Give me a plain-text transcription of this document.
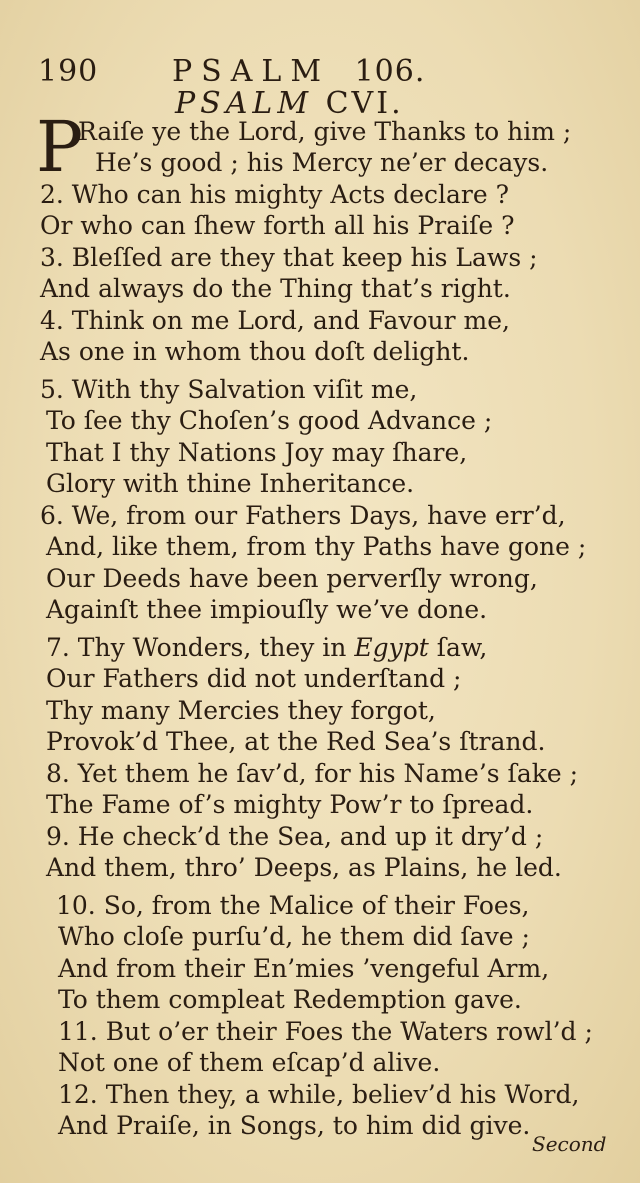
190 PSALM 106.
PSALM CVI.
P
Raiſe ye the Lord, give Thanks to him ;
He’s good ; his Mercy ne’er decays.
2. Who can his mighty Acts declare ?
Or who can ſhew forth all his Praiſe ?
3. Bleſſed are they that keep his Laws ;
And always do the Thing that’s right.
4. Think on me Lord, and Favour me,
As one in whom thou doſt delight.
5. With thy Salvation viſit me,
To ſee thy Choſen’s good Advance ;
That I thy Nations Joy may ſhare,
Glory with thine Inheritance.
6. We, from our Fathers Days, have err’d,
And, like them, from thy Paths have gone ;
Our Deeds have been perverſly wrong,
Againſt thee impiouſly we’ve done.
7. Thy Wonders, they in Egypt ſaw,
Our Fathers did not underſtand ;
Thy many Mercies they forgot,
Provok’d Thee, at the Red Sea’s ſtrand.
8. Yet them he ſav’d, for his Name’s ſake ;
The Fame of’s mighty Pow’r to ſpread.
9. He check’d the Sea, and up it dry’d ;
And them, thro’ Deeps, as Plains, he led.
10. So, from the Malice of their Foes,
Who cloſe purſu’d, he them did ſave ;
And from their En’mies ’vengeful Arm,
To them compleat Redemption gave.
11. But o’er their Foes the Waters rowl’d ;
Not one of them eſcap’d alive.
12. Then they, a while, believ’d his Word,
And Praiſe, in Songs, to him did give.
Second
